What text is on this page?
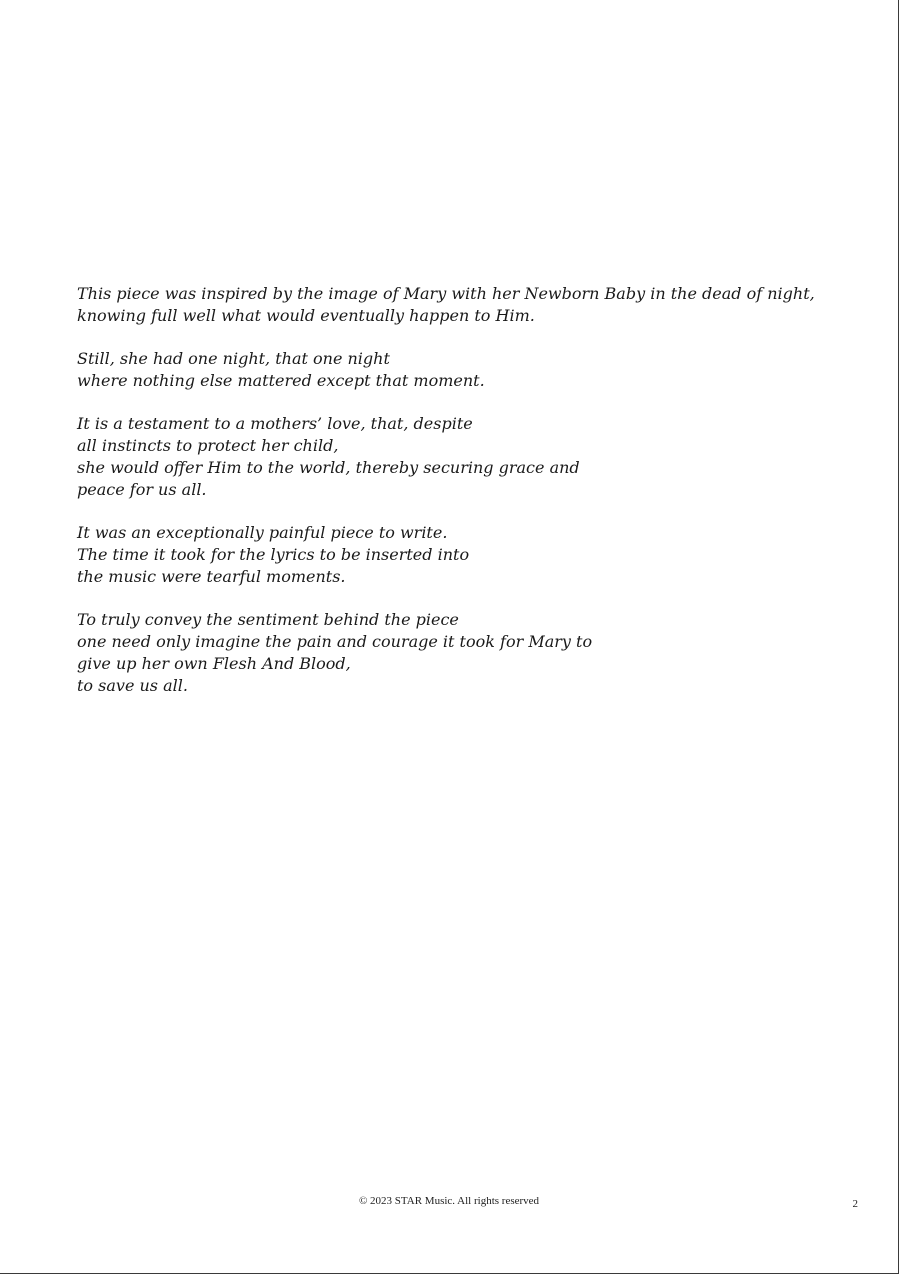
This piece was inspired by the image of Mary with her Newborn Baby in the dead of night,
knowing full well what would eventually happen to Him.

Still, she had one night, that one night
where nothing else mattered except that moment.

It is a testament to a mothers’ love, that, despite
all instincts to protect her child,
she would offer Him to the world, thereby securing grace and
peace for us all.

It was an exceptionally painful piece to write.
The time it took for the lyrics to be inserted into
the music were tearful moments.

To truly convey the sentiment behind the piece
one need only imagine the pain and courage it took for Mary to
give up her own Flesh And Blood,
to save us all.

© 2023 STAR Music. All rights reserved	2
